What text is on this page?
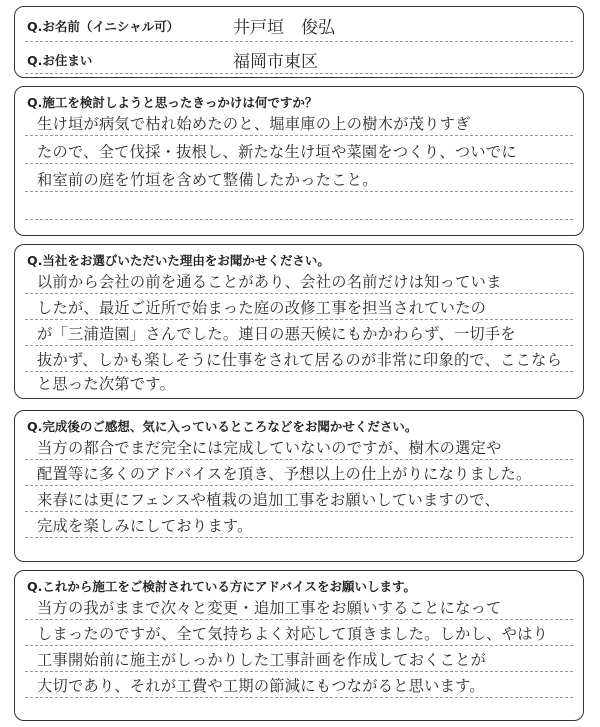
Q.お名前（イニシャル可）	井戸垣　俊弘
Q.お住まい	福岡市東区
Q.施工を検討しようと思ったきっかけは何ですか？
生け垣が病気で枯れ始めたのと、堀車庫の上の樹木が茂りすぎ
たので、全て伐採・抜根し、新たな生け垣や菜園をつくり、ついでに
和室前の庭を竹垣を含めて整備したかったこと。
Q.当社をお選びいただいた理由をお聞かせください。
以前から会社の前を通ることがあり、会社の名前だけは知っていま
したが、最近ご近所で始まった庭の改修工事を担当されていたの
が「三浦造園」さんでした。連日の悪天候にもかかわらず、一切手を
抜かず、しかも楽しそうに仕事をされて居るのが非常に印象的で、ここなら
と思った次第です。
Q.完成後のご感想、気に入っているところなどをお聞かせください。
当方の都合でまだ完全には完成していないのですが、樹木の選定や
配置等に多くのアドバイスを頂き、予想以上の仕上がりになりました。
来春には更にフェンスや植栽の追加工事をお願いしていますので、
完成を楽しみにしております。
Q.これから施工をご検討されている方にアドバイスをお願いします。
当方の我がままで次々と変更・追加工事をお願いすることになって
しまったのですが、全て気持ちよく対応して頂きました。しかし、やはり
工事開始前に施主がしっかりした工事計画を作成しておくことが
大切であり、それが工費や工期の節減にもつながると思います。
